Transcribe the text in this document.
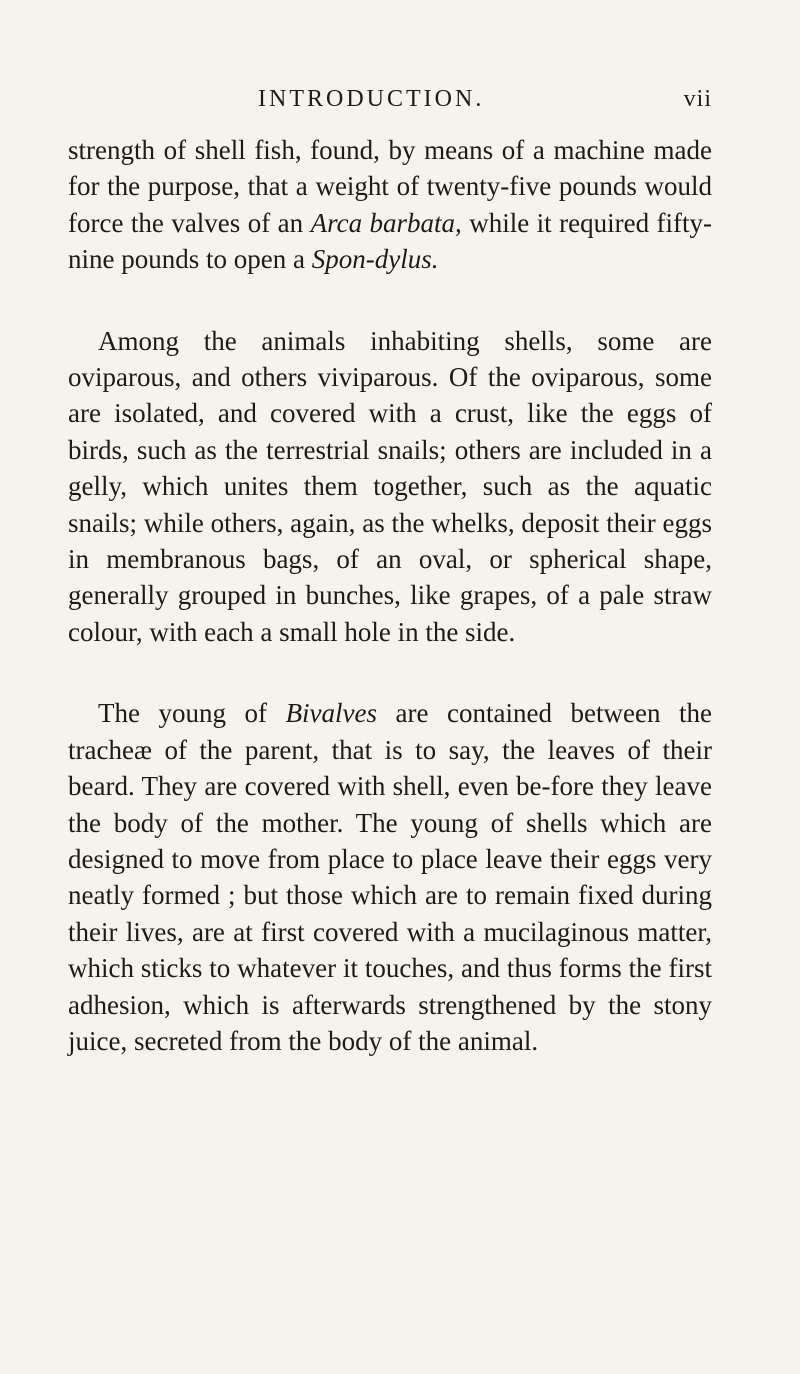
INTRODUCTION.	vii

strength of shell fish, found, by means of a machine made for the purpose, that a weight of twenty-five pounds would force the valves of an Arca barbata, while it required fifty-nine pounds to open a Spon-dylus.

Among the animals inhabiting shells, some are oviparous, and others viviparous. Of the oviparous, some are isolated, and covered with a crust, like the eggs of birds, such as the terrestrial snails; others are included in a gelly, which unites them together, such as the aquatic snails; while others, again, as the whelks, deposit their eggs in membranous bags, of an oval, or spherical shape, generally grouped in bunches, like grapes, of a pale straw colour, with each a small hole in the side.

The young of Bivalves are contained between the tracheæ of the parent, that is to say, the leaves of their beard. They are covered with shell, even be-fore they leave the body of the mother. The young of shells which are designed to move from place to place leave their eggs very neatly formed ; but those which are to remain fixed during their lives, are at first covered with a mucilaginous matter, which sticks to whatever it touches, and thus forms the first adhesion, which is afterwards strengthened by the stony juice, secreted from the body of the animal.
